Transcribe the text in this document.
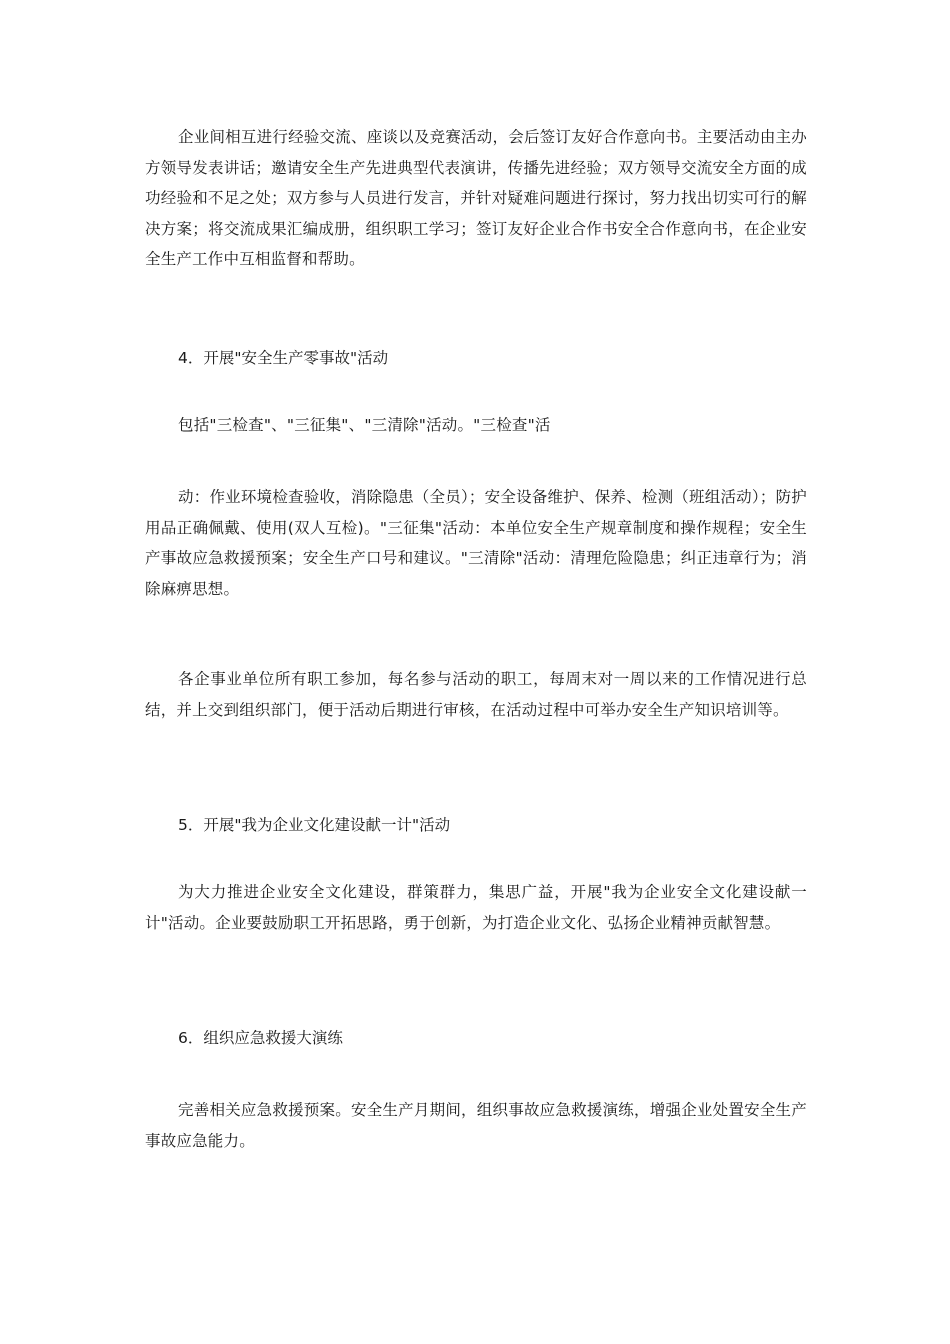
企业间相互进行经验交流、座谈以及竞赛活动，会后签订友好合作意向书。主要活动由主办方领导发表讲话；邀请安全生产先进典型代表演讲，传播先进经验；双方领导交流安全方面的成功经验和不足之处；双方参与人员进行发言，并针对疑难问题进行探讨，努力找出切实可行的解决方案；将交流成果汇编成册，组织职工学习；签订友好企业合作书安全合作意向书，在企业安全生产工作中互相监督和帮助。

4．开展"安全生产零事故"活动

包括"三检查"、"三征集"、"三清除"活动。"三检查"活

动：作业环境检查验收，消除隐患（全员）；安全设备维护、保养、检测（班组活动）；防护用品正确佩戴、使用(双人互检)。"三征集"活动：本单位安全生产规章制度和操作规程；安全生产事故应急救援预案；安全生产口号和建议。"三清除"活动：清理危险隐患；纠正违章行为；消除麻痹思想。

各企事业单位所有职工参加，每名参与活动的职工，每周末对一周以来的工作情况进行总结，并上交到组织部门，便于活动后期进行审核，在活动过程中可举办安全生产知识培训等。

5．开展"我为企业文化建设献一计"活动

为大力推进企业安全文化建设，群策群力，集思广益，开展"我为企业安全文化建设献一计"活动。企业要鼓励职工开拓思路，勇于创新，为打造企业文化、弘扬企业精神贡献智慧。

6．组织应急救援大演练

完善相关应急救援预案。安全生产月期间，组织事故应急救援演练，增强企业处置安全生产事故应急能力。
